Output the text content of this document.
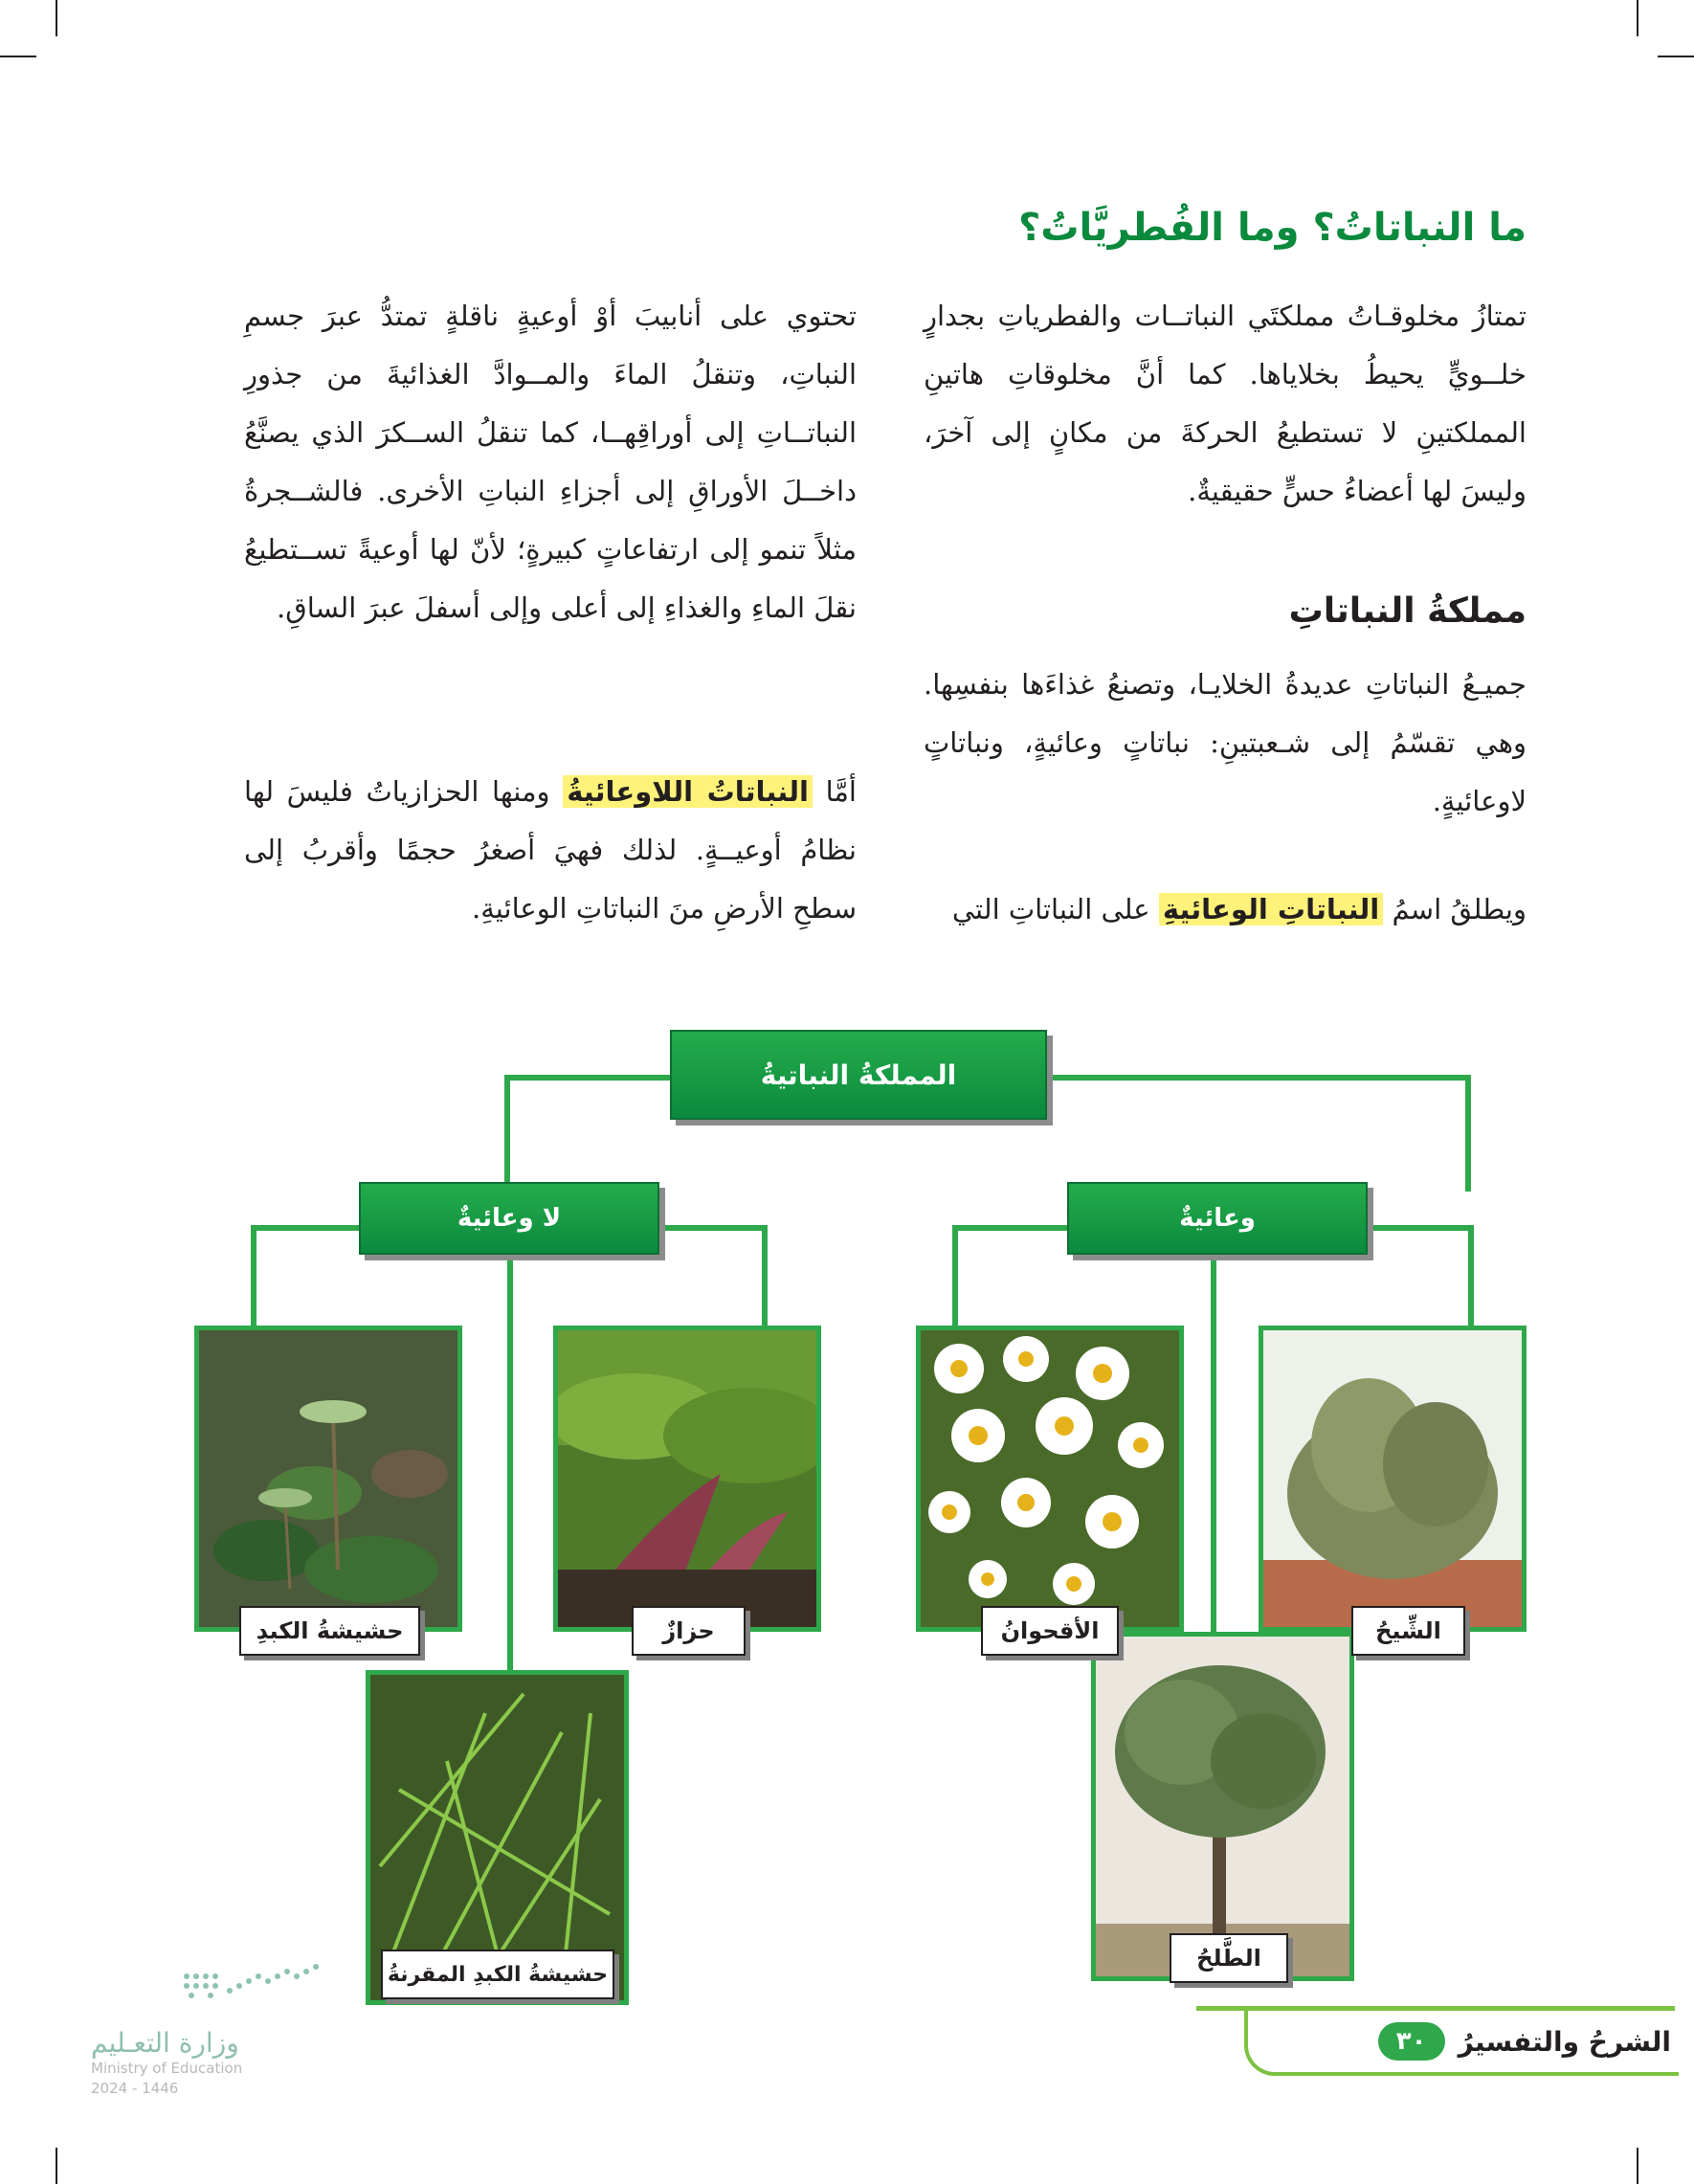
ما النباتاتُ؟ وما الفُطريَّاتُ؟
مملكةُ النباتاتِ

تمتازُ مخلوقـاتُ مملكتَي النباتــات والفطرياتِ بجدارٍ خلــويٍّ يحيطُ بخلاياها. كما أنَّ مخلوقاتِ هاتينِ المملكتينِ لا تستطيعُ الحركةَ من مكانٍ إلى آخرَ، وليسَ لها أعضاءُ حسٍّ حقيقيةٌ.

جميـعُ النباتاتِ عديدةُ الخلايـا، وتصنعُ غذاءَها بنفسِها. وهي تقسّمُ إلى شـعبتينِ: نباتاتٍ وعائيةٍ، ونباتاتٍ لاوعائيةٍ.

ويطلقُ اسمُ النباتاتِ الوعائيةِ على النباتاتِ التي

تحتوي على أنابيبَ أوْ أوعيةٍ ناقلةٍ تمتدُّ عبرَ جسمِ النباتِ، وتنقلُ الماءَ والمــوادَّ الغذائيةَ من جذورِ النباتــاتِ إلى أوراقِهــا، كما تنقلُ الســكرَ الذي يصنَّعُ داخــلَ الأوراقِ إلى أجزاءِ النباتِ الأخرى. فالشــجرةُ مثلاً تنمو إلى ارتفاعاتٍ كبيرةٍ؛ لأنّ لها أوعيةً تســتطيعُ نقلَ الماءِ والغذاءِ إلى أعلى وإلى أسفلَ عبرَ الساقِ.

أمَّا النباتاتُ اللاوعائيةُ ومنها الحزازياتُ فليسَ لها نظامُ أوعيــةٍ. لذلك فهيَ أصغرُ حجمًا وأقربُ إلى سطحِ الأرضِ منَ النباتاتِ الوعائيةِ.

المملكةُ النباتيةُ
لا وعائيةٌ	وعائيةٌ
حشيشةُ الكبدِ	حزازٌ	الأقحوانُ	الشِّيحُ
حشيشةُ الكبدِ المقرنةُ
الطَّلحُ
وزارة التعـليم
Ministry of Education
2024 - 1446
الشرحُ والتفسيرُ
٣٠
